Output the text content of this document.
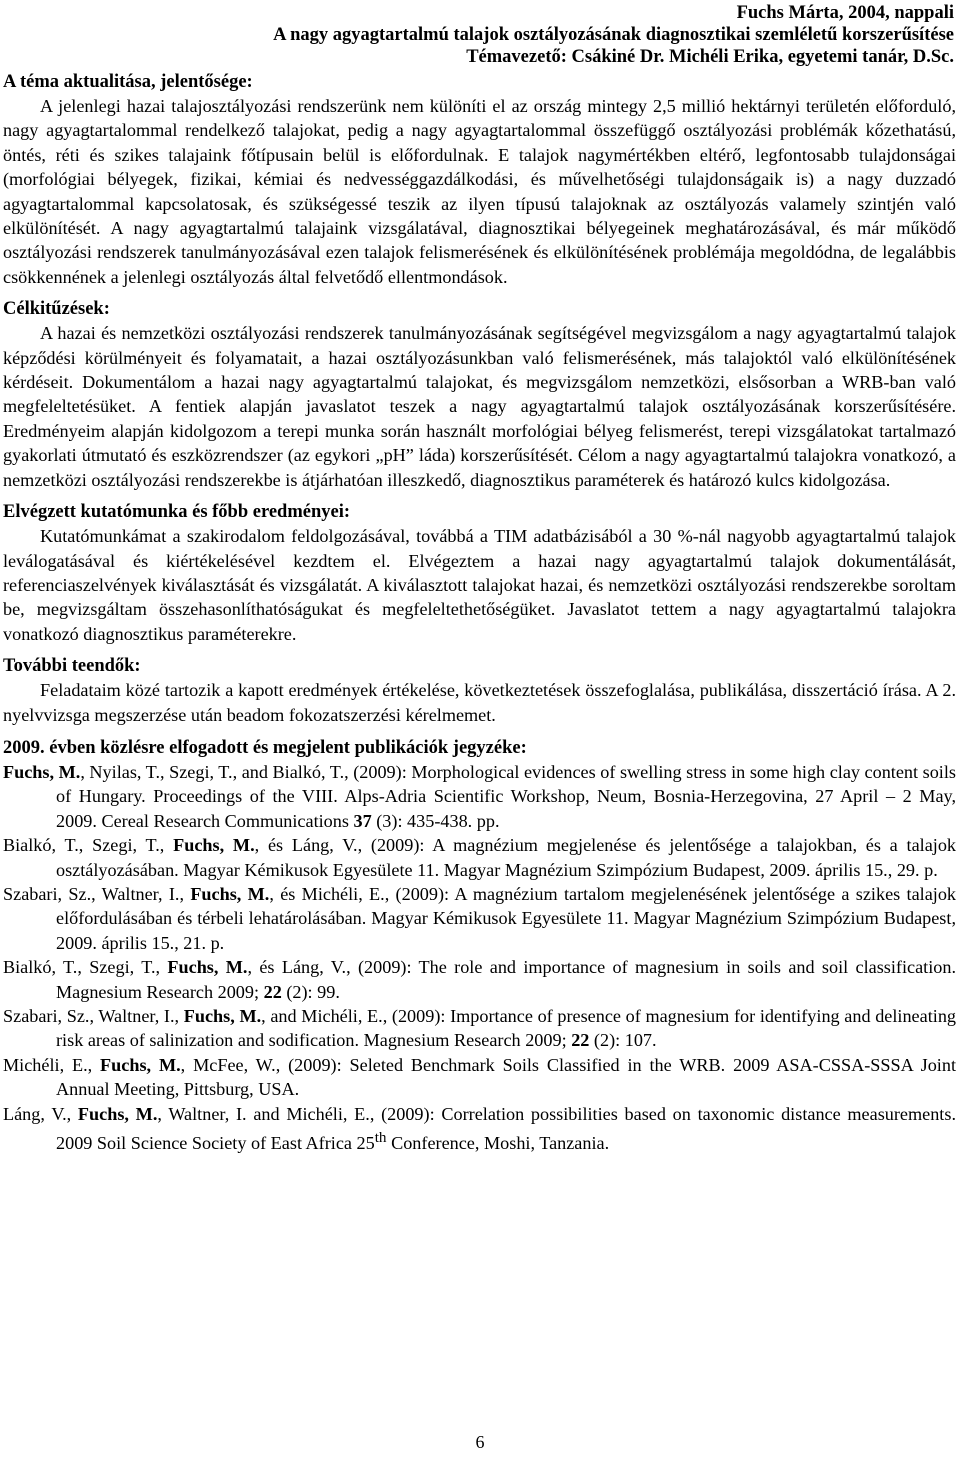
Fuchs Márta, 2004, nappali
A nagy agyagtartalmú talajok osztályozásának diagnosztikai szemléletű korszerűsítése
Témavezető: Csákiné Dr. Michéli Erika, egyetemi tanár, D.Sc.
A téma aktualitása, jelentősége:

A jelenlegi hazai talajosztályozási rendszerünk nem különíti el az ország mintegy 2,5 millió hektárnyi területén előforduló, nagy agyagtartalommal rendelkező talajokat, pedig a nagy agyagtartalommal összefüggő osztályozási problémák kőzethatású, öntés, réti és szikes talajaink főtípusain belül is előfordulnak. E talajok nagymértékben eltérő, legfontosabb tulajdonságai (morfológiai bélyegek, fizikai, kémiai és nedvességgazdálkodási, és művelhetőségi tulajdonságaik is) a nagy duzzadó agyagtartalommal kapcsolatosak, és szükségessé teszik az ilyen típusú talajoknak az osztályozás valamely szintjén való elkülönítését. A nagy agyagtartalmú talajaink vizsgálatával, diagnosztikai bélyegeinek meghatározásával, és már működő osztályozási rendszerek tanulmányozásával ezen talajok felismerésének és elkülönítésének problémája megoldódna, de legalábbis csökkennének a jelenlegi osztályozás által felvetődő ellentmondások.

Célkitűzések:

A hazai és nemzetközi osztályozási rendszerek tanulmányozásának segítségével megvizsgálom a nagy agyagtartalmú talajok képződési körülményeit és folyamatait, a hazai osztályozásunkban való felismerésének, más talajoktól való elkülönítésének kérdéseit. Dokumentálom a hazai nagy agyagtartalmú talajokat, és megvizsgálom nemzetközi, elsősorban a WRB-ban való megfeleltetésüket. A fentiek alapján javaslatot teszek a nagy agyagtartalmú talajok osztályozásának korszerűsítésére. Eredményeim alapján kidolgozom a terepi munka során használt morfológiai bélyeg felismerést, terepi vizsgálatokat tartalmazó gyakorlati útmutató és eszközrendszer (az egykori „pH” láda) korszerűsítését. Célom a nagy agyagtartalmú talajokra vonatkozó, a nemzetközi osztályozási rendszerekbe is átjárhatóan illeszkedő, diagnosztikus paraméterek és határozó kulcs kidolgozása.

Elvégzett kutatómunka és főbb eredményei:

Kutatómunkámat a szakirodalom feldolgozásával, továbbá a TIM adatbázisából a 30 %-nál nagyobb agyagtartalmú talajok leválogatásával és kiértékelésével kezdtem el. Elvégeztem a hazai nagy agyagtartalmú talajok dokumentálását, referenciaszelvények kiválasztását és vizsgálatát. A kiválasztott talajokat hazai, és nemzetközi osztályozási rendszerekbe soroltam be, megvizsgáltam összehasonlíthatóságukat és megfeleltethetőségüket. Javaslatot tettem a nagy agyagtartalmú talajokra vonatkozó diagnosztikus paraméterekre.

További teendők:

Feladataim közé tartozik a kapott eredmények értékelése, következtetések összefoglalása, publikálása, disszertáció írása. A 2. nyelvvizsga megszerzése után beadom fokozatszerzési kérelmemet.

2009. évben közlésre elfogadott és megjelent publikációk jegyzéke:
Fuchs, M., Nyilas, T., Szegi, T., and Bialkó, T., (2009): Morphological evidences of swelling stress in some high clay content soils of Hungary. Proceedings of the VIII. Alps-Adria Scientific Workshop, Neum, Bosnia-Herzegovina, 27 April – 2 May, 2009. Cereal Research Communications 37 (3): 435-438. pp.
Bialkó, T., Szegi, T., Fuchs, M., és Láng, V., (2009): A magnézium megjelenése és jelentősége a talajokban, és a talajok osztályozásában. Magyar Kémikusok Egyesülete 11. Magyar Magnézium Szimpózium Budapest, 2009. április 15., 29. p.
Szabari, Sz., Waltner, I., Fuchs, M., és Michéli, E., (2009): A magnézium tartalom megjelenésének jelentősége a szikes talajok előfordulásában és térbeli lehatárolásában. Magyar Kémikusok Egyesülete 11. Magyar Magnézium Szimpózium Budapest, 2009. április 15., 21. p.
Bialkó, T., Szegi, T., Fuchs, M., és Láng, V., (2009): The role and importance of magnesium in soils and soil classification. Magnesium Research 2009; 22 (2): 99.
Szabari, Sz., Waltner, I., Fuchs, M., and Michéli, E., (2009): Importance of presence of magnesium for identifying and delineating risk areas of salinization and sodification. Magnesium Research 2009; 22 (2): 107.
Michéli, E., Fuchs, M., McFee, W., (2009): Seleted Benchmark Soils Classified in the WRB. 2009 ASA-CSSA-SSSA Joint Annual Meeting, Pittsburg, USA.
Láng, V., Fuchs, M., Waltner, I. and Michéli, E., (2009): Correlation possibilities based on taxonomic distance measurements. 2009 Soil Science Society of East Africa 25th Conference, Moshi, Tanzania.
6
